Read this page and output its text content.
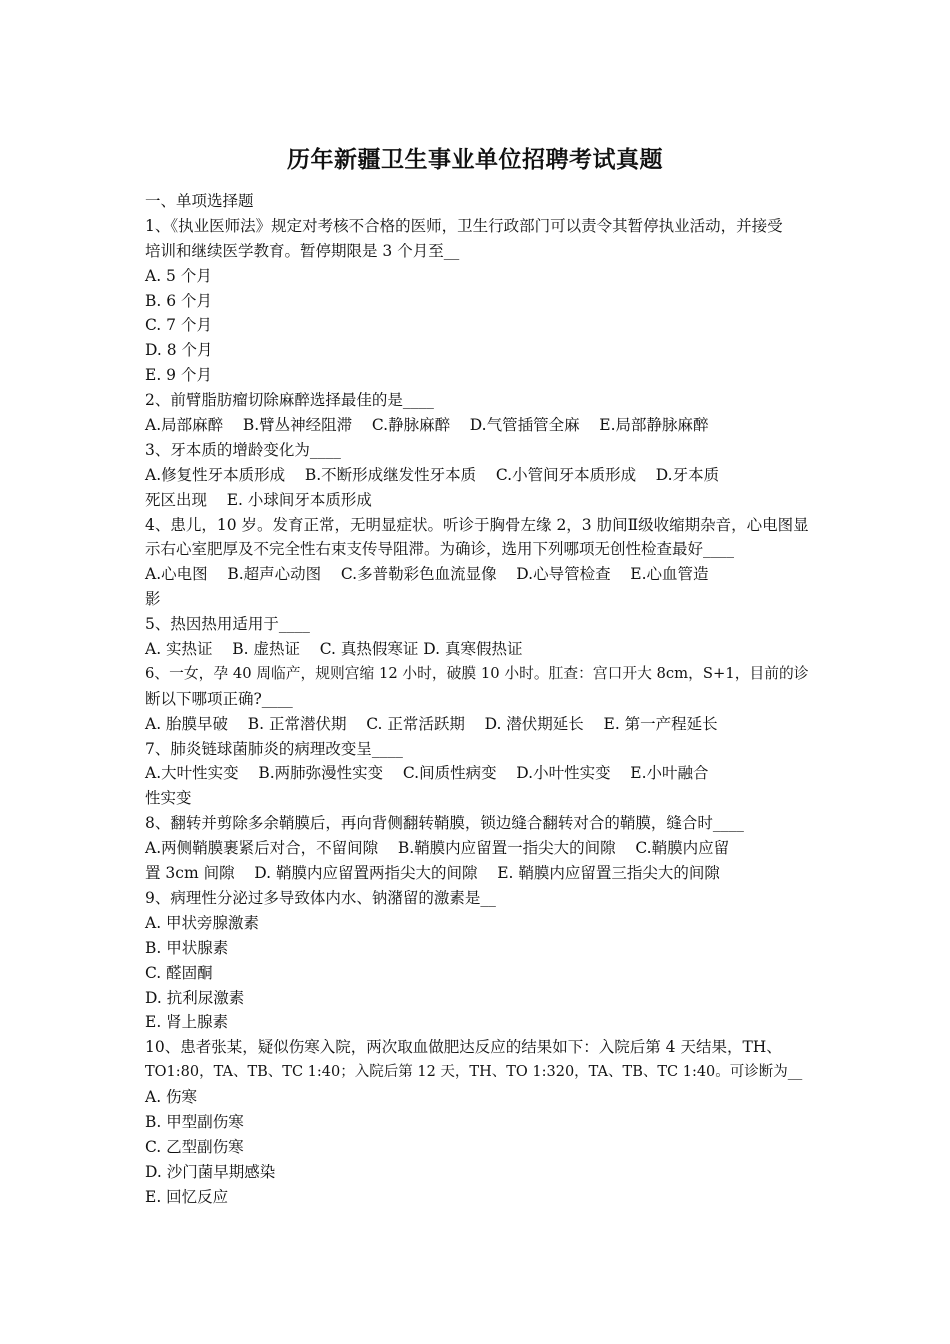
历年新疆卫生事业单位招聘考试真题
一、单项选择题
1、《执业医师法》规定对考核不合格的医师，卫生行政部门可以责令其暂停执业活动，并接受
培训和继续医学教育。暂停期限是 3 个月至__
A. 5 个月
B. 6 个月
C. 7 个月
D. 8 个月
E. 9 个月
2、前臂脂肪瘤切除麻醉选择最佳的是____
A.局部麻醉    B.臂丛神经阻滞    C.静脉麻醉    D.气管插管全麻    E.局部静脉麻醉
3、牙本质的增龄变化为____
A.修复性牙本质形成    B.不断形成继发性牙本质    C.小管间牙本质形成    D.牙本质
死区出现    E. 小球间牙本质形成
4、患儿，10 岁。发育正常，无明显症状。听诊于胸骨左缘 2，3 肋间Ⅱ级收缩期杂音，心电图显
示右心室肥厚及不完全性右束支传导阻滞。为确诊，选用下列哪项无创性检查最好____
A.心电图    B.超声心动图    C.多普勒彩色血流显像    D.心导管检查    E.心血管造
影
5、热因热用适用于____
A. 实热证    B. 虚热证    C. 真热假寒证 D. 真寒假热证
6、一女，孕 40 周临产，规则宫缩 12 小时，破膜 10 小时。肛查：宫口开大 8cm，S+1，目前的诊
断以下哪项正确?____
A. 胎膜早破    B. 正常潜伏期    C. 正常活跃期    D. 潜伏期延长    E. 第一产程延长
7、肺炎链球菌肺炎的病理改变呈____
A.大叶性实变    B.两肺弥漫性实变    C.间质性病变    D.小叶性实变    E.小叶融合
性实变
8、翻转并剪除多余鞘膜后，再向背侧翻转鞘膜，锁边缝合翻转对合的鞘膜，缝合时____
A.两侧鞘膜裹紧后对合，不留间隙    B.鞘膜内应留置一指尖大的间隙    C.鞘膜内应留
置 3cm 间隙    D. 鞘膜内应留置两指尖大的间隙    E. 鞘膜内应留置三指尖大的间隙
9、病理性分泌过多导致体内水、钠潴留的激素是__
A. 甲状旁腺激素
B. 甲状腺素
C. 醛固酮
D. 抗利尿激素
E. 肾上腺素
10、患者张某，疑似伤寒入院，两次取血做肥达反应的结果如下：入院后第 4 天结果，TH、
TO1:80，TA、TB、TC 1:40；入院后第 12 天，TH、TO 1:320，TA、TB、TC 1:40。可诊断为__
A. 伤寒
B. 甲型副伤寒
C. 乙型副伤寒
D. 沙门菌早期感染
E. 回忆反应
